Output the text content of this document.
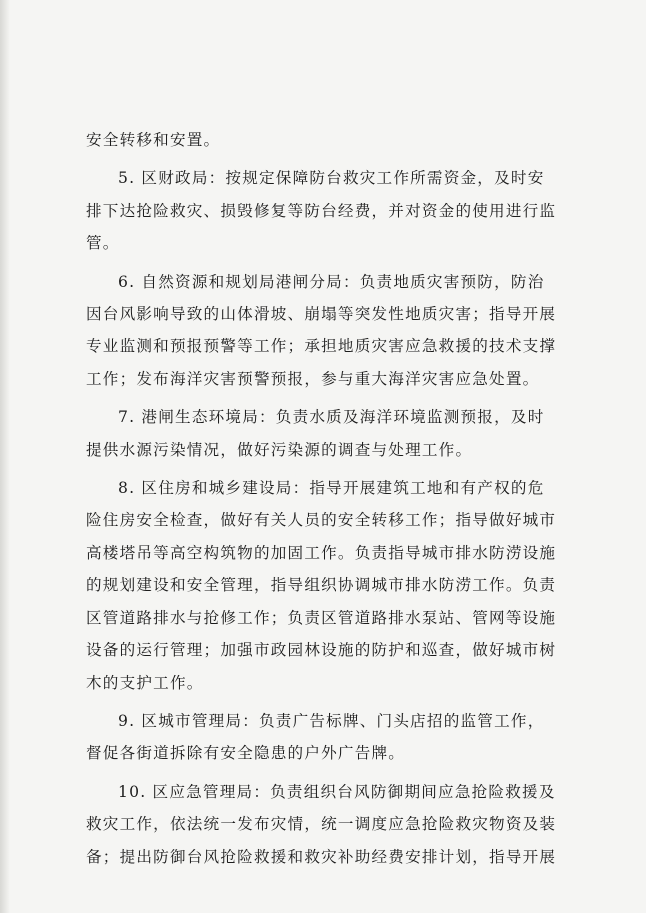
安全转移和安置。
5. 区财政局：按规定保障防台救灾工作所需资金，及时安
排下达抢险救灾、损毁修复等防台经费，并对资金的使用进行监
管。
6. 自然资源和规划局港闸分局：负责地质灾害预防，防治
因台风影响导致的山体滑坡、崩塌等突发性地质灾害；指导开展
专业监测和预报预警等工作；承担地质灾害应急救援的技术支撑
工作；发布海洋灾害预警预报，参与重大海洋灾害应急处置。
7. 港闸生态环境局：负责水质及海洋环境监测预报，及时
提供水源污染情况，做好污染源的调查与处理工作。
8. 区住房和城乡建设局：指导开展建筑工地和有产权的危
险住房安全检查，做好有关人员的安全转移工作；指导做好城市
高楼塔吊等高空构筑物的加固工作。负责指导城市排水防涝设施
的规划建设和安全管理，指导组织协调城市排水防涝工作。负责
区管道路排水与抢修工作；负责区管道路排水泵站、管网等设施
设备的运行管理；加强市政园林设施的防护和巡查，做好城市树
木的支护工作。
9. 区城市管理局：负责广告标牌、门头店招的监管工作，
督促各街道拆除有安全隐患的户外广告牌。
10. 区应急管理局：负责组织台风防御期间应急抢险救援及
救灾工作，依法统一发布灾情，统一调度应急抢险救灾物资及装
备；提出防御台风抢险救援和救灾补助经费安排计划，指导开展
